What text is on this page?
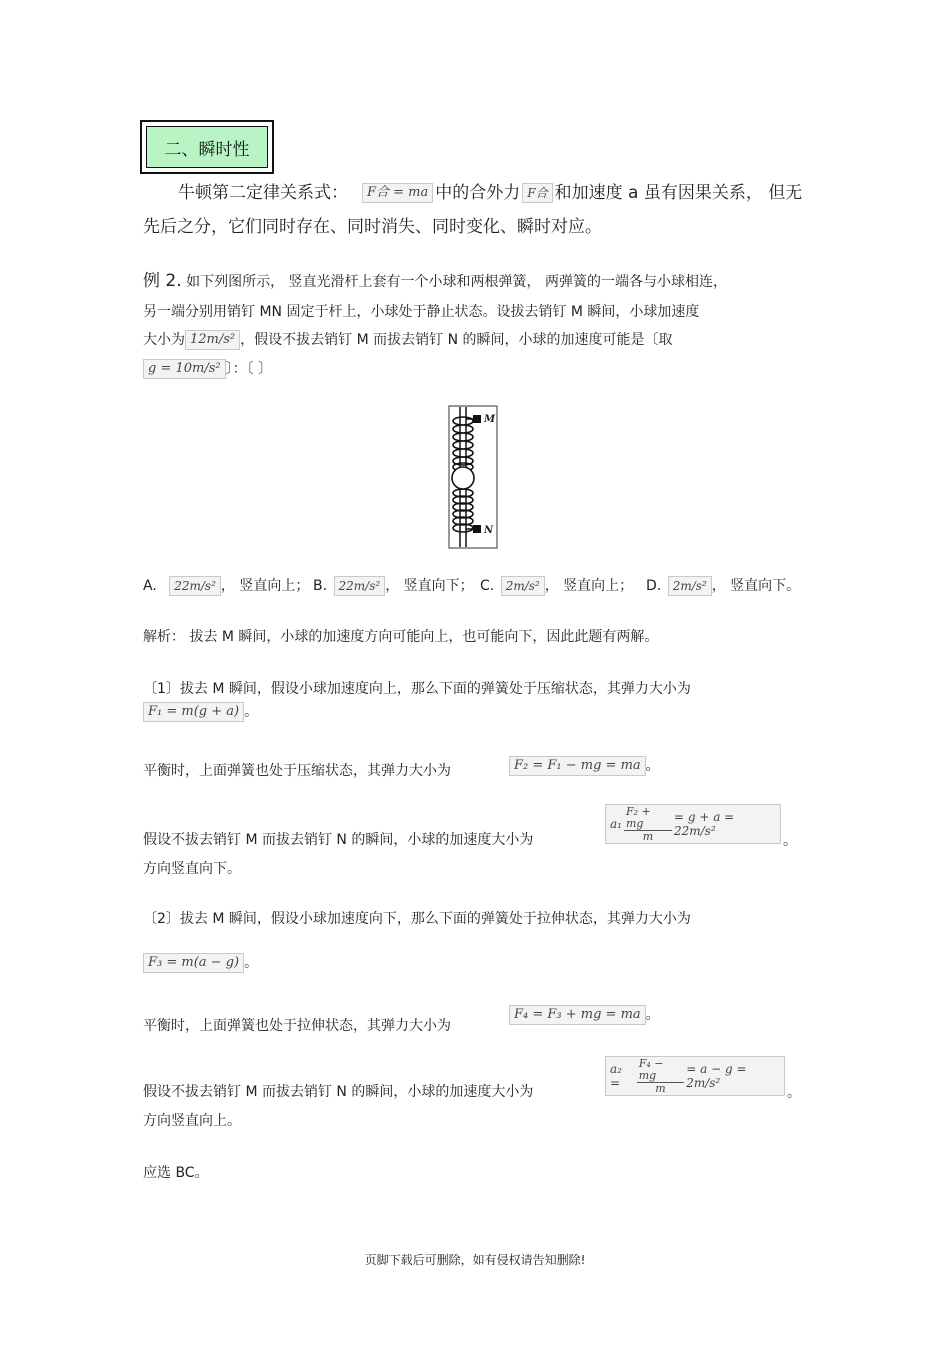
二、瞬时性
牛顿第二定律关系式： F合 = ma 中的合外力 F合 和加速度 a 虽有因果关系， 但无
先后之分，它们同时存在、同时消失、同时变化、瞬时对应。
例 2. 如下列图所示， 竖直光滑杆上套有一个小球和两根弹簧， 两弹簧的一端各与小球相连，
另一端分别用销钉 MN 固定于杆上，小球处于静止状态。设拔去销钉 M 瞬间，小球加速度
大小为 12m/s² ，假设不拔去销钉 M 而拔去销钉 N 的瞬间，小球的加速度可能是〔取
g = 10m/s² 〕：〔 〕
M
N
A. 22m/s² ， 竖直向上； B. 22m/s² ， 竖直向下； C. 2m/s² ， 竖直向上； D. 2m/s² ， 竖直向下。
解析： 拔去 M 瞬间，小球的加速度方向可能向上，也可能向下，因此此题有两解。
〔1〕拔去 M 瞬间，假设小球加速度向上，那么下面的弹簧处于压缩状态，其弹力大小为
F₁ = m(g + a) 。
平衡时，上面弹簧也处于压缩状态，其弹力大小为	F₂ = F₁ − mg = ma 。
假设不拔去销钉 M 而拔去销钉 N 的瞬间，小球的加速度大小为
$a_1 \frac{\text{F₂ + mg}}{m} = g + a = 22m/s^2$
。
方向竖直向下。
〔2〕拔去 M 瞬间，假设小球加速度向下，那么下面的弹簧处于拉伸状态，其弹力大小为
F₃ = m(a − g) 。
平衡时，上面弹簧也处于拉伸状态，其弹力大小为
F₄ = F₃ + mg = ma 。
假设不拔去销钉 M 而拔去销钉 N 的瞬间，小球的加速度大小为
a₂ =	$\frac{\text{F₄ − mg}}{m} = a - g = 2m/s^2$
。
方向竖直向上。
应选 BC。
页脚下载后可删除，如有侵权请告知删除!
